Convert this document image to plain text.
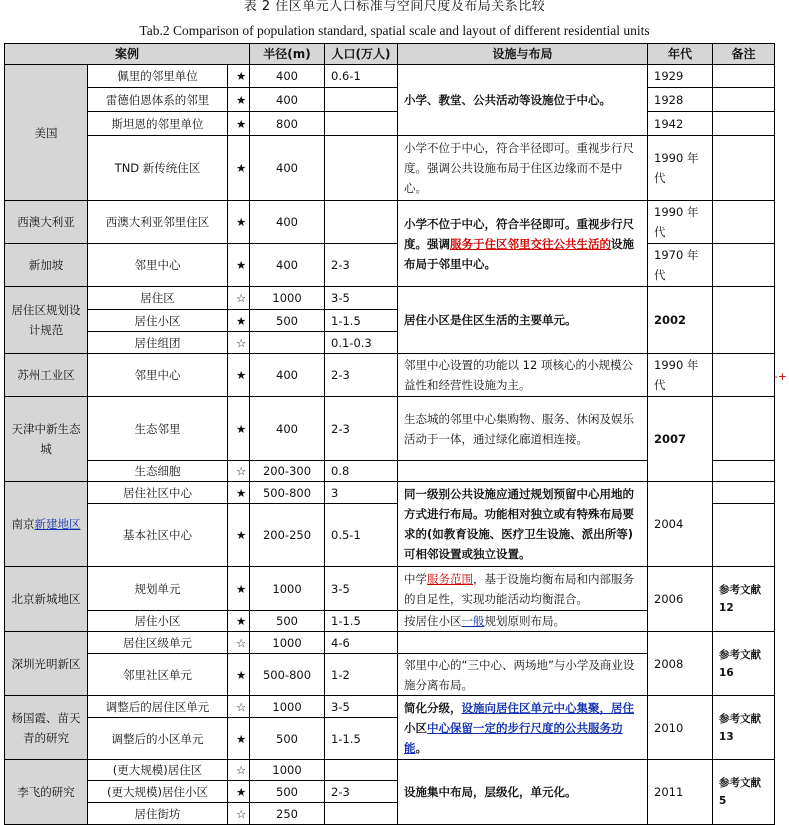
表 2 住区单元人口标准与空间尺度及布局关系比较
Tab.2 Comparison of population standard, spatial scale and layout of different residential units
-+
案例			半径(m)	人口(万人)	设施与布局	年代	备注
美国	佩里的邻里单位	★	400	0.6-1	小学、教堂、公共活动等设施位于中心。	1929	
	雷德伯恩体系的邻里	★	400			1928	
	斯坦恩的邻里单位	★	800			1942	
	TND 新传统住区	★	400		小学不位于中心，符合半径即可。重视步行尺度。强调公共设施布局于住区边缘而不是中心。	1990 年代	
西澳大利亚	西澳大利亚邻里住区	★	400		小学不位于中心，符合半径即可。重视步行尺度。强调服务于住区邻里交往公共生活的设施布局于邻里中心。	1990 年代	
新加坡	邻里中心	★	400	2-3		1970 年代	
居住区规划设计规范	居住区	☆	1000	3-5	居住小区是住区生活的主要单元。	2002	
	居住小区	★	500	1-1.5			
	居住组团	☆		0.1-0.3			
苏州工业区	邻里中心	★	400	2-3	邻里中心设置的功能以 12 项核心的小规模公益性和经营性设施为主。	1990 年代	
天津中新生态城	生态邻里	★	400	2-3	生态城的邻里中心集购物、服务、休闲及娱乐活动于一体，通过绿化廊道相连接。	2007	
	生态细胞	☆	200-300	0.8			
南京新建地区	居住社区中心	★	500-800	3	同一级别公共设施应通过规划预留中心用地的方式进行布局。功能相对独立或有特殊布局要求的(如教育设施、医疗卫生设施、派出所等)可相邻设置或独立设置。	2004	
	基本社区中心	★	200-250	0.5-1			
北京新城地区	规划单元	★	1000	3-5	中学服务范围，基于设施均衡布局和内部服务的自足性，实现功能活动均衡混合。	2006	参考文献 12
	居住小区	★	500	1-1.5	按居住小区一般规划原则布局。		
深圳光明新区	居住区级单元	☆	1000	4-6		2008	参考文献 16
	邻里社区单元	★	500-800	1-2	邻里中心的“三中心、两场地”与小学及商业设施分离布局。		
杨国霞、苗天青的研究	调整后的居住区单元	☆	1000	3-5	简化分级，设施向居住区单元中心集聚，居住小区中心保留一定的步行尺度的公共服务功能。	2010	参考文献 13
	调整后的小区单元	★	500	1-1.5			
李飞的研究	(更大规模)居住区	☆	1000		设施集中布局，层级化，单元化。	2011	参考文献 5
	(更大规模)居住小区	★	500	2-3			
	居住街坊	☆	250				
